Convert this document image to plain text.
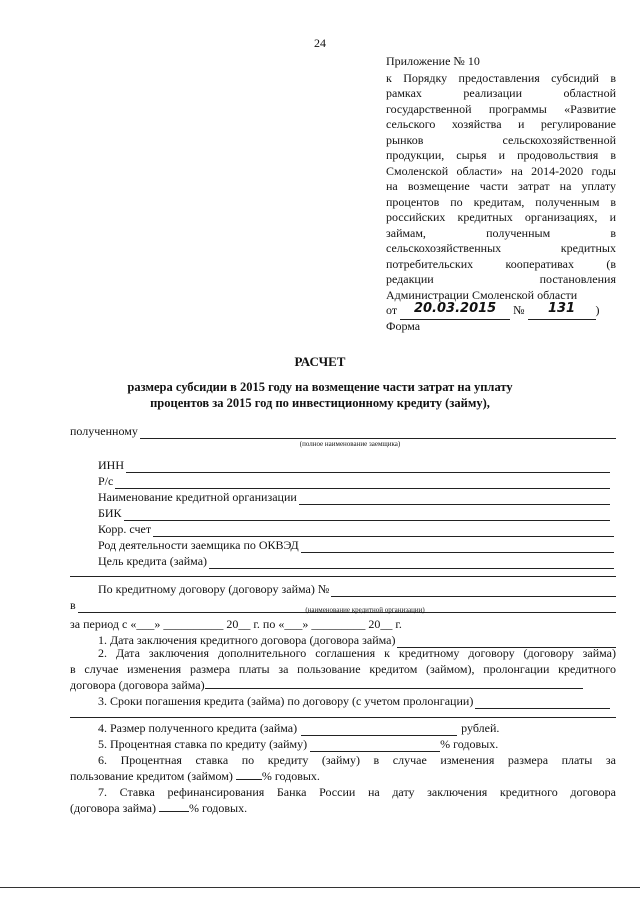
24
Приложение № 10
к Порядку предоставления субсидий в
рамках реализации областной
государственной программы «Развитие
сельского хозяйства и регулирование
рынков сельскохозяйственной
продукции, сырья и продовольствия в
Смоленской области» на 2014-2020 годы
на возмещение части затрат на уплату
процентов по кредитам, полученным в
российских кредитных организациях, и
займам, полученным в
сельскохозяйственных кредитных
потребительских кооперативах (в
редакции постановления
Администрации Смоленской области
от 20.03.2015 № 131 )
Форма
РАСЧЕТ
размера субсидии в 2015 году на возмещение части затрат на уплату
процентов за 2015 год по инвестиционному кредиту (займу),
полученному
(полное наименование заемщика)
ИНН
Р/с
Наименование кредитной организации
БИК
Корр. счет
Род деятельности заемщика по ОКВЭД
Цель кредита (займа)
По кредитному договору (договору займа) №
в	(наименование кредитной организации)
за период с «___» __________ 20__ г. по «___» _________ 20__ г.
1. Дата заключения кредитного договора (договора займа)
2. Дата заключения дополнительного соглашения к кредитному договору (договору займа)
в случае изменения размера платы за пользование кредитом (займом), пролонгации кредитного
договора (договора займа)
3. Сроки погашения кредита (займа) по договору (с учетом пролонгации)
4. Размер полученного кредита (займа)	рублей.
5. Процентная ставка по кредиту (займу)	% годовых.
6. Процентная ставка по кредиту (займу) в случае изменения размера платы за
пользование кредитом (займом) % годовых.
7. Ставка рефинансирования Банка России на дату заключения кредитного договора
(договора займа)	% годовых.
